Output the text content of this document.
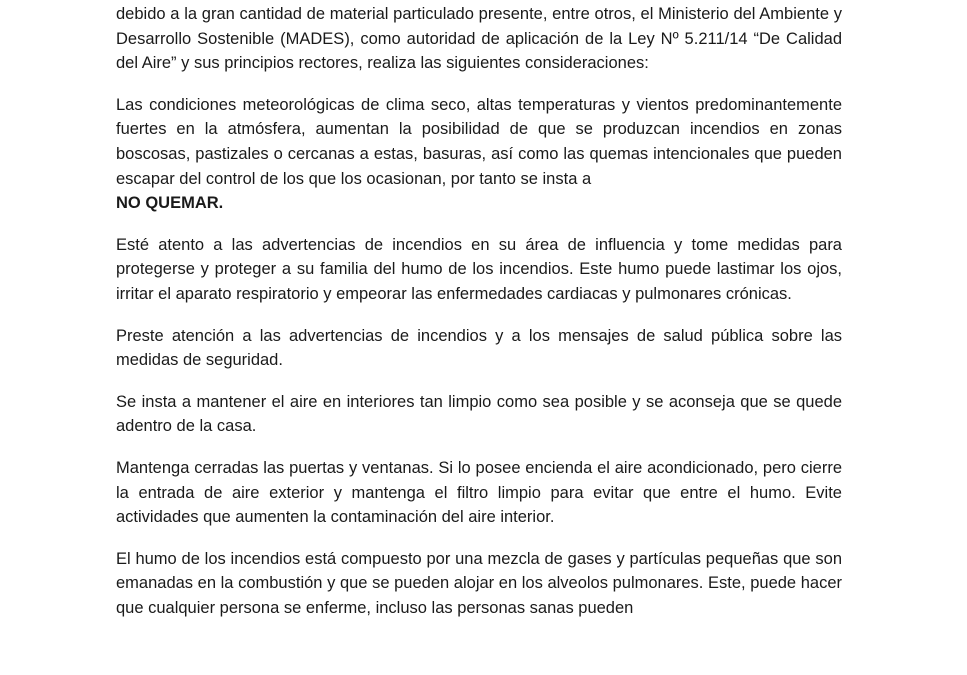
debido a la gran cantidad de material particulado presente, entre otros, el Ministerio del Ambiente y Desarrollo Sostenible (MADES), como autoridad de aplicación de la Ley Nº 5.211/14 “De Calidad del Aire” y sus principios rectores, realiza las siguientes consideraciones:

Las condiciones meteorológicas de clima seco, altas temperaturas y vientos predominantemente fuertes en la atmósfera, aumentan la posibilidad de que se produzcan incendios en zonas boscosas, pastizales o cercanas a estas, basuras, así como las quemas intencionales que pueden escapar del control de los que los ocasionan, por tanto se insta a
NO QUEMAR.

Esté atento a las advertencias de incendios en su área de influencia y tome medidas para protegerse y proteger a su familia del humo de los incendios. Este humo puede lastimar los ojos, irritar el aparato respiratorio y empeorar las enfermedades cardiacas y pulmonares crónicas.

Preste atención a las advertencias de incendios y a los mensajes de salud pública sobre las medidas de seguridad.

Se insta a mantener el aire en interiores tan limpio como sea posible y se aconseja que se quede adentro de la casa.

Mantenga cerradas las puertas y ventanas. Si lo posee encienda el aire acondicionado, pero cierre la entrada de aire exterior y mantenga el filtro limpio para evitar que entre el humo. Evite actividades que aumenten la contaminación del aire interior.

El humo de los incendios está compuesto por una mezcla de gases y partículas pequeñas que son emanadas en la combustión y que se pueden alojar en los alveolos pulmonares. Este, puede hacer que cualquier persona se enferme, incluso las personas sanas pueden
